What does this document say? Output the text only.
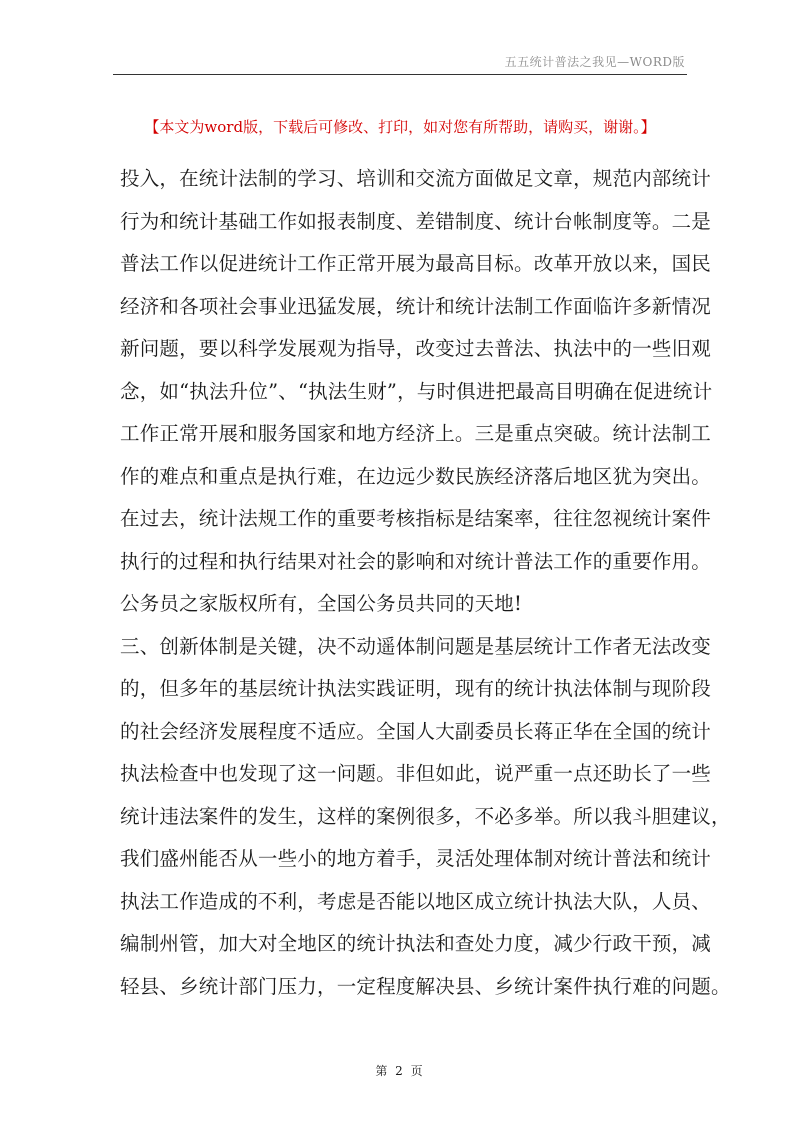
五五统计普法之我见—WORD版
【本文为word版，下载后可修改、打印，如对您有所帮助，请购买，谢谢。】
投入，在统计法制的学习、培训和交流方面做足文章，规范内部统计
行为和统计基础工作如报表制度、差错制度、统计台帐制度等。二是
普法工作以促进统计工作正常开展为最高目标。改革开放以来，国民
经济和各项社会事业迅猛发展，统计和统计法制工作面临许多新情况
新问题，要以科学发展观为指导，改变过去普法、执法中的一些旧观
念，如“执法升位”、“执法生财”，与时俱进把最高目明确在促进统计
工作正常开展和服务国家和地方经济上。三是重点突破。统计法制工
作的难点和重点是执行难，在边远少数民族经济落后地区犹为突出。
在过去，统计法规工作的重要考核指标是结案率，往往忽视统计案件
执行的过程和执行结果对社会的影响和对统计普法工作的重要作用。
公务员之家版权所有，全国公务员共同的天地!
三、创新体制是关键，决不动遥体制问题是基层统计工作者无法改变
的，但多年的基层统计执法实践证明，现有的统计执法体制与现阶段
的社会经济发展程度不适应。全国人大副委员长蒋正华在全国的统计
执法检查中也发现了这一问题。非但如此，说严重一点还助长了一些
统计违法案件的发生，这样的案例很多，不必多举。所以我斗胆建议，
我们盛州能否从一些小的地方着手，灵活处理体制对统计普法和统计
执法工作造成的不利，考虑是否能以地区成立统计执法大队，人员、
编制州管，加大对全地区的统计执法和查处力度，减少行政干预，减
轻县、乡统计部门压力，一定程度解决县、乡统计案件执行难的问题。
第 2 页
